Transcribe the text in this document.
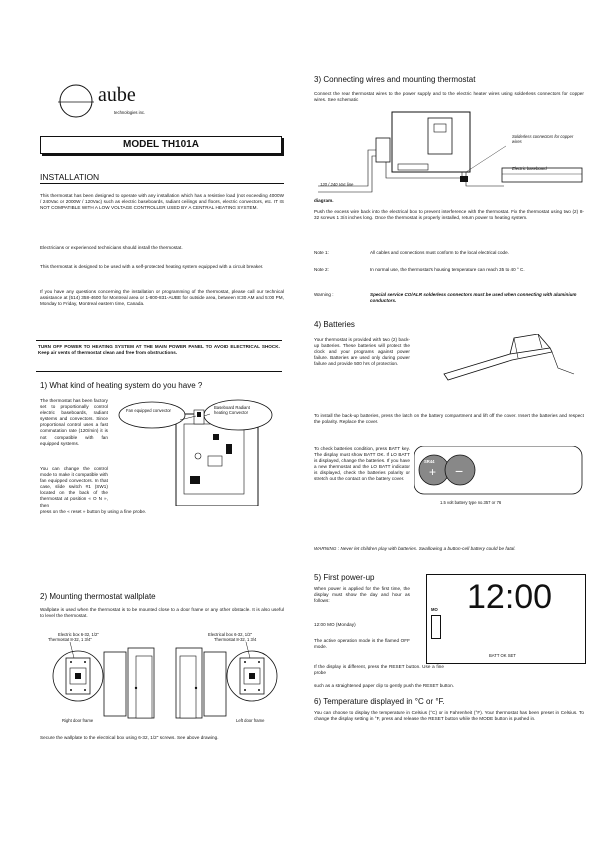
aube
technologies inc.
MODEL TH101A
INSTALLATION
This thermostat has been designed to operate with any installation which has a resistive load (not exceeding 4000W / 240Vac or 2000W / 120Vac) such as electric baseboards, radiant ceilings and floors, electric convectors, etc. IT IS NOT COMPATIBLE WITH A LOW VOLTAGE CONTROLLER USED BY A CENTRAL HEATING SYSTEM.
Electricians or experienced technicians should install the thermostat.
This thermostat is designed to be used with a self-protected heating system equipped with a circuit breaker.
If you have any questions concerning the installation or programming of the thermostat, please call our technical assistance at (514) 358-4600 for Montreal area or 1-800-831-AUBE for outside area, between 8:30 AM and 5:00 PM, Monday to Friday, Montreal eastern time, Canada.
TURN OFF POWER TO HEATING SYSTEM AT THE MAIN POWER PANEL TO AVOID ELECTRICAL SHOCK. Keep air vents of thermostat clean and free from obstructions.
1) What kind of heating system do you have ?
The thermostat has been factory set to proportionally control electric baseboards, radiant systems and convectors. Since proportional control uses a fast commutation rate (120/min) it is not compatible with fan equipped systems.
You can change the control mode to make it compatible with fan equipped convectors. In that case, slide switch #1 (SW1) located on the back of the thermostat at position « O N », then
press on the « reset » button by using a fine probe.
Fan equipped convector
Baseboard Radiant heating Convector
2) Mounting thermostat wallplate
Wallplate is used when the thermostat is to be mounted close to a door frame or any other obstacle. It is also useful to level the thermostat.
Electric box 6-32, 1/2"
Thermostat 8-32, 1 3/4"
Electrical box 6-32, 1/2"
Thermostat 8-32, 1 3/4
Right door frame	Left door frame
Secure the wallplate to the electrical box using 6-32, 1/2" screws. See above drawing.
3) Connecting wires and mounting thermostat
Connect the rear thermostat wires to the power supply and to the electric heater wires using solderless connectors for copper wires. See schematic
Solderless connectors for copper wires
Electric baseboard
120 / 240 Vac line
diagram.
Push the excess wire back into the electrical box to prevent interference with the thermostat. Fix the thermostat using two (2) 8-32 screws 1 3/4 inches long. Once the thermostat is properly installed, return power to heating system.
Note 1:	All cables and connections must conform to the local electrical code.
Note 2:	In normal use, the thermostat's housing temperature can reach 35 to 40 ° C.
Warning :	Special service CO/ALR solderless connectors must be used when connecting with aluminium conductors.
4) Batteries
Your thermostat is provided with two (2) back-up batteries. These batteries will protect the clock and your programs against power failure. Batteries are used only during power failure and provide 500 hrs of protection.
To install the back-up batteries, press the latch on the battery compartment and lift off the cover. Insert the batteries and respect the polarity. Replace the cover.
To check batteries condition, press BATT key. The display must show BATT OK. If LO BATT is displayed, change the batteries. If you have a new thermostat and the LO BATT indicator is displayed, check the batteries polarity or stretch out the contact on the battery cover.	+ −
SR44
1.5 volt battery type no.357 or 76
WARNING : Never let children play with batteries. Swallowing a button-cell battery could be fatal.
5) First power-up
When power is applied for the first time, the display must show the day and hour as follows:
12:00 MO (Monday)
The active operation mode is the flamed OFF mode.
12:00
MO
BATT OK SET
If the display is different, press the RESET button. Use a fine probe
such as a straightened paper clip to gently push the RESET button.
6) Temperature displayed in °C or °F.
You can choose to display the temperature in Celsius (°C) or in Fahrenheit (°F). Your thermostat has been preset in Celsius. To change the display setting in °F, press and release the RESET button while the MODE button is pushed in.
